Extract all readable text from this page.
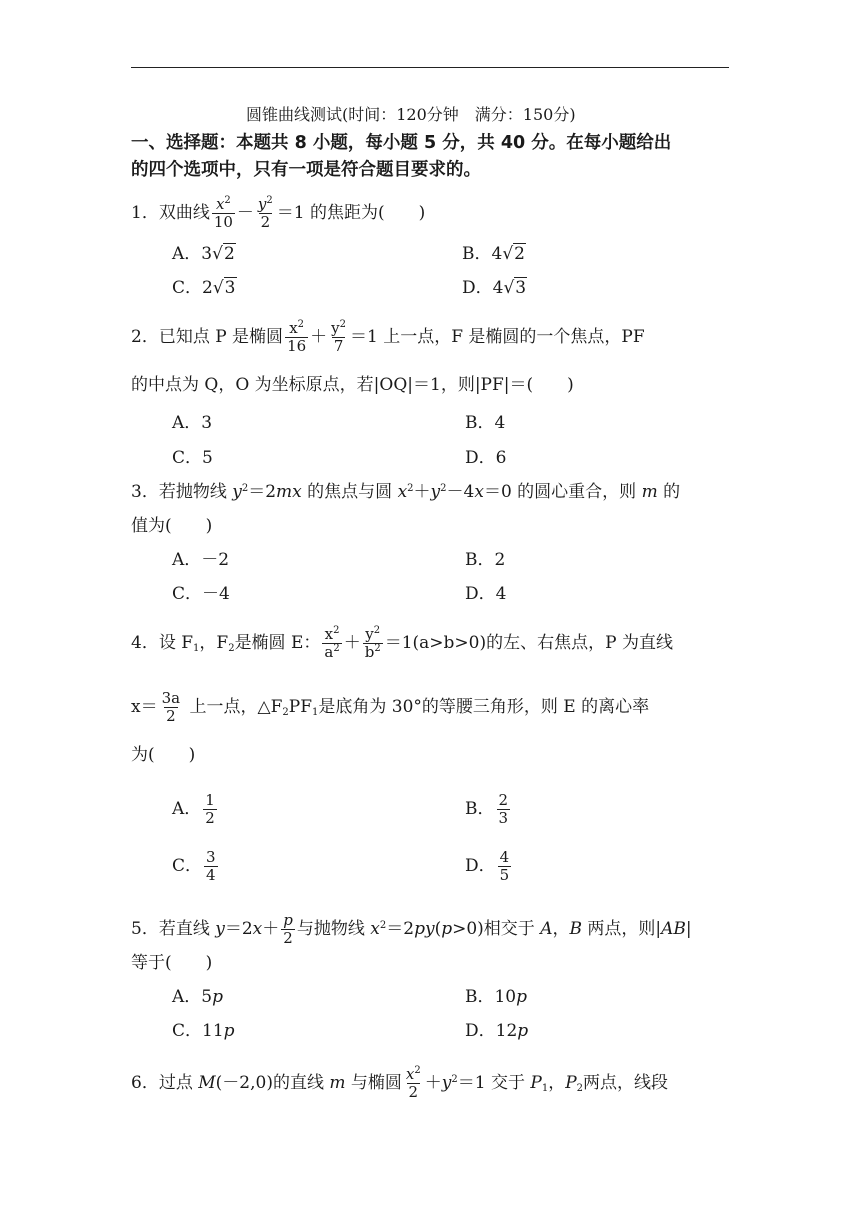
圆锥曲线测试(时间：120分钟　满分：150分)
一、选择题：本题共 8 小题，每小题 5 分，共 40 分。在每小题给出
的四个选项中，只有一项是符合题目要求的。
1．双曲线 $\frac{x^2}{10} - \frac{y^2}{2} =1$ 的焦距为(　　)
A．3√2	B．4√2
C．2√3	D．4√3
2．已知点 P 是椭圆 $\frac{x^2}{16} + \frac{y^2}{7} =1$ 上一点，F 是椭圆的一个焦点，PF
的中点为 Q，O 为坐标原点，若|OQ|＝1，则|PF|＝(　　)
A．3	B．4
C．5	D．6
3．若抛物线 $y^2=2mx$ 的焦点与圆 $x^2+y^2-4x=0$ 的圆心重合，则 m 的
值为(　　)
A．－2	B．2
C．－4	D．4
4．设 $F_1$，$F_2$是椭圆 E： $\frac{x^2}{a^2} + \frac{y^2}{b^2} =1(a>b>0)$的左、右焦点，P 为直线
$x= \frac{3a}{2}$ 上一点，$\triangle F_2PF_1$是底角为 30°的等腰三角形，则 E 的离心率
为(　　)
A． $\frac{1}{2}$	B． $\frac{2}{3}$
C． $\frac{3}{4}$	D． $\frac{4}{5}$
5．若直线 $y=2x+ \frac{p}{2}$ 与抛物线 $x^2=2py(p>0)$相交于 A，B 两点，则|AB|
等于(　　)
A．5p	B．10p
C．11p	D．12p
6．过点 M(－2,0)的直线 m 与椭圆 $\frac{x^2}{2} +y^2=1$ 交于 $P_1$，$P_2$两点，线段
